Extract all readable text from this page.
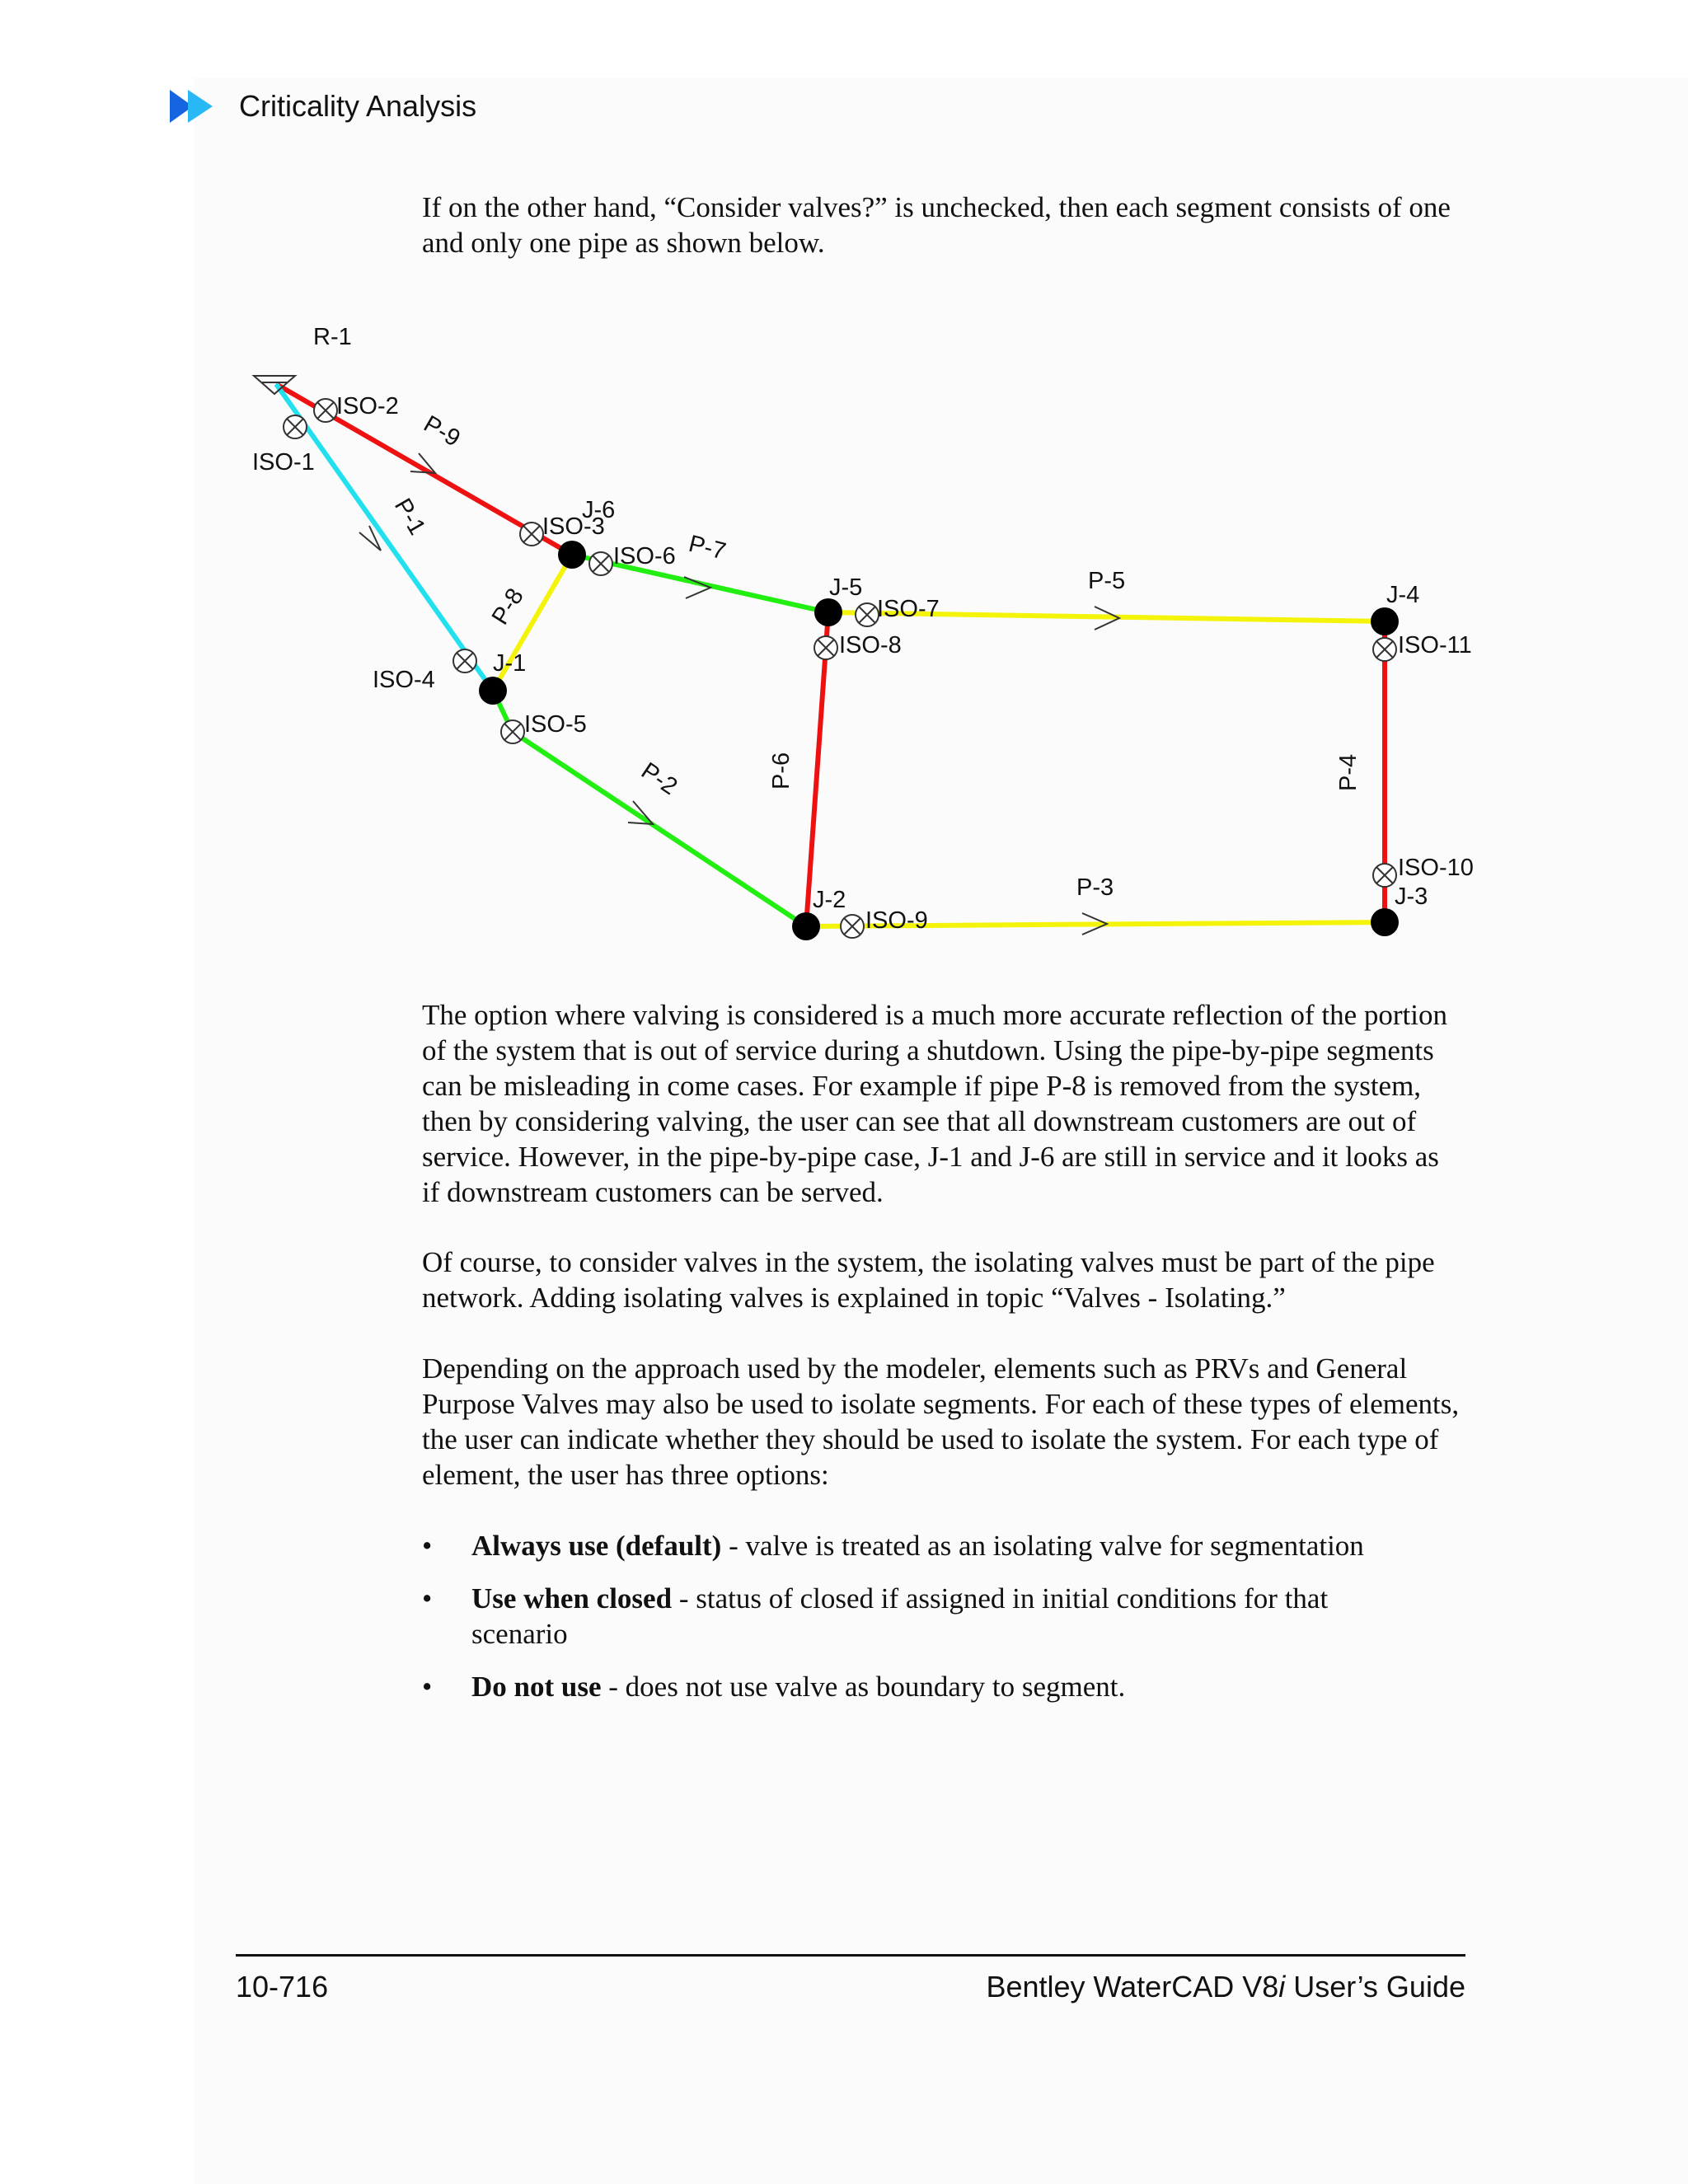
Criticality Analysis

If on the other hand, “Consider valves?” is unchecked, then each segment consists of one and only one pipe as shown below.

R-1
J-6
J-1
J-5
J-2
J-4
J-3
P-9
P-1
P-8
P-7
P-2	P-6
P-5
P-3
P-4
ISO-2
ISO-1
ISO-3
ISO-6
ISO-4
ISO-5
ISO-7
ISO-8
ISO-9
ISO-11
ISO-10

The option where valving is considered is a much more accurate reflection of the portion of the system that is out of service during a shutdown. Using the pipe-by-pipe segments can be misleading in come cases. For example if pipe P-8 is removed from the system, then by considering valving, the user can see that all downstream customers are out of service. However, in the pipe-by-pipe case, J-1 and J-6 are still in service and it looks as if downstream customers can be served.

Of course, to consider valves in the system, the isolating valves must be part of the pipe network. Adding isolating valves is explained in topic “Valves - Isolating.”

Depending on the approach used by the modeler, elements such as PRVs and General Purpose Valves may also be used to isolate segments. For each of these types of elements, the user can indicate whether they should be used to isolate the system. For each type of element, the user has three options:

• Always use (default) - valve is treated as an isolating valve for segmentation
• Use when closed - status of closed if assigned in initial conditions for that scenario
• Do not use - does not use valve as boundary to segment.
10-716	Bentley WaterCAD V8i User’s Guide
